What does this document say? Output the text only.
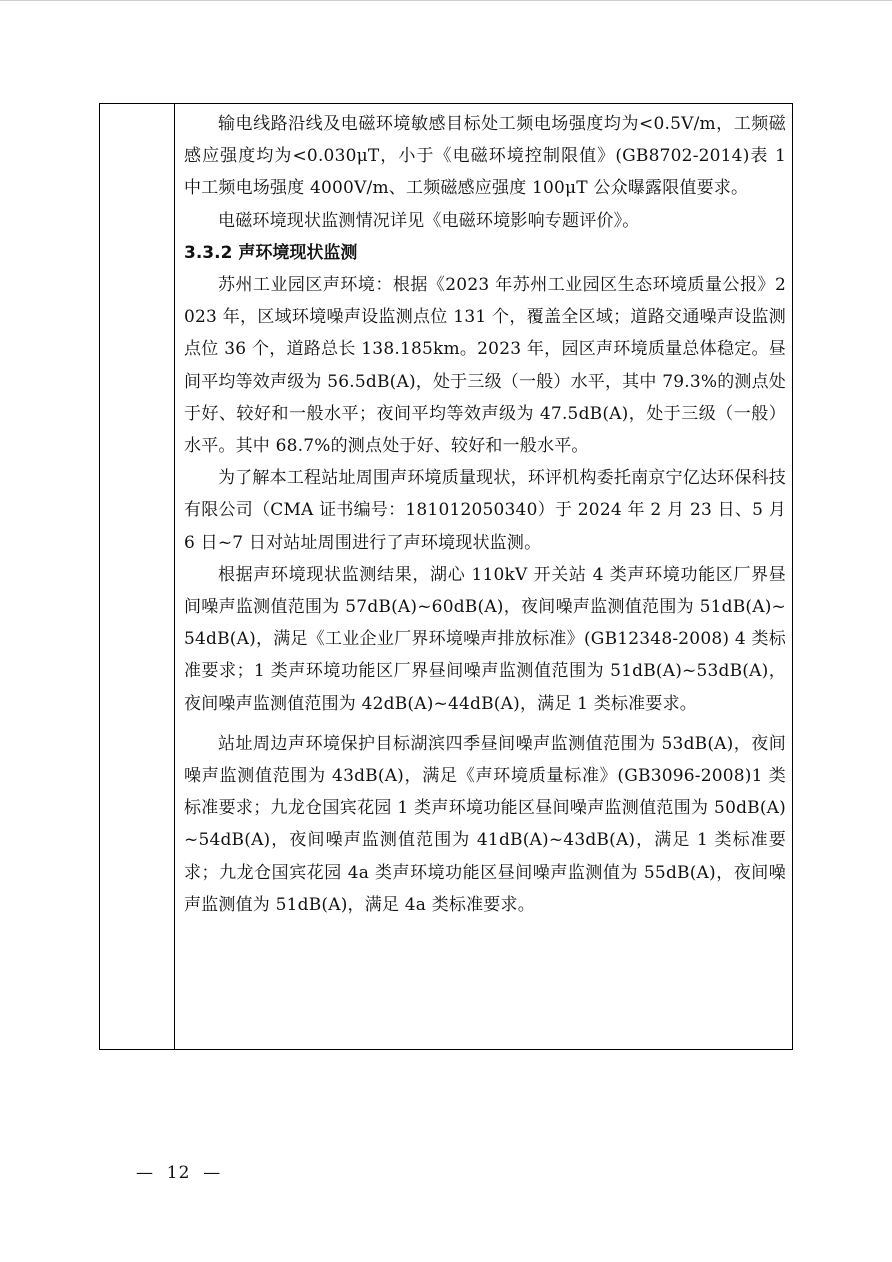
输电线路沿线及电磁环境敏感目标处工频电场强度均为<0.5V/m，工频磁感应强度均为<0.030μT，小于《电磁环境控制限值》(GB8702-2014)表 1 中工频电场强度 4000V/m、工频磁感应强度 100μT 公众曝露限值要求。

电磁环境现状监测情况详见《电磁环境影响专题评价》。

3.3.2 声环境现状监测

苏州工业园区声环境：根据《2023 年苏州工业园区生态环境质量公报》2023 年，区域环境噪声设监测点位 131 个，覆盖全区域；道路交通噪声设监测点位 36 个，道路总长 138.185km。2023 年，园区声环境质量总体稳定。昼间平均等效声级为 56.5dB(A)，处于三级（一般）水平，其中 79.3%的测点处于好、较好和一般水平；夜间平均等效声级为 47.5dB(A)，处于三级（一般）水平。其中 68.7%的测点处于好、较好和一般水平。

为了解本工程站址周围声环境质量现状，环评机构委托南京宁亿达环保科技有限公司（CMA 证书编号：181012050340）于 2024 年 2 月 23 日、5 月 6 日~7 日对站址周围进行了声环境现状监测。

根据声环境现状监测结果，湖心 110kV 开关站 4 类声环境功能区厂界昼间噪声监测值范围为 57dB(A)~60dB(A)，夜间噪声监测值范围为 51dB(A)~54dB(A)，满足《工业企业厂界环境噪声排放标准》(GB12348-2008) 4 类标准要求；1 类声环境功能区厂界昼间噪声监测值范围为 51dB(A)~53dB(A)，夜间噪声监测值范围为 42dB(A)~44dB(A)，满足 1 类标准要求。

站址周边声环境保护目标湖滨四季昼间噪声监测值范围为 53dB(A)，夜间噪声监测值范围为 43dB(A)，满足《声环境质量标准》(GB3096-2008)1 类标准要求；九龙仓国宾花园 1 类声环境功能区昼间噪声监测值范围为 50dB(A)~54dB(A)，夜间噪声监测值范围为 41dB(A)~43dB(A)，满足 1 类标准要求；九龙仓国宾花园 4a 类声环境功能区昼间噪声监测值为 55dB(A)，夜间噪声监测值为 51dB(A)，满足 4a 类标准要求。

—  12  —
